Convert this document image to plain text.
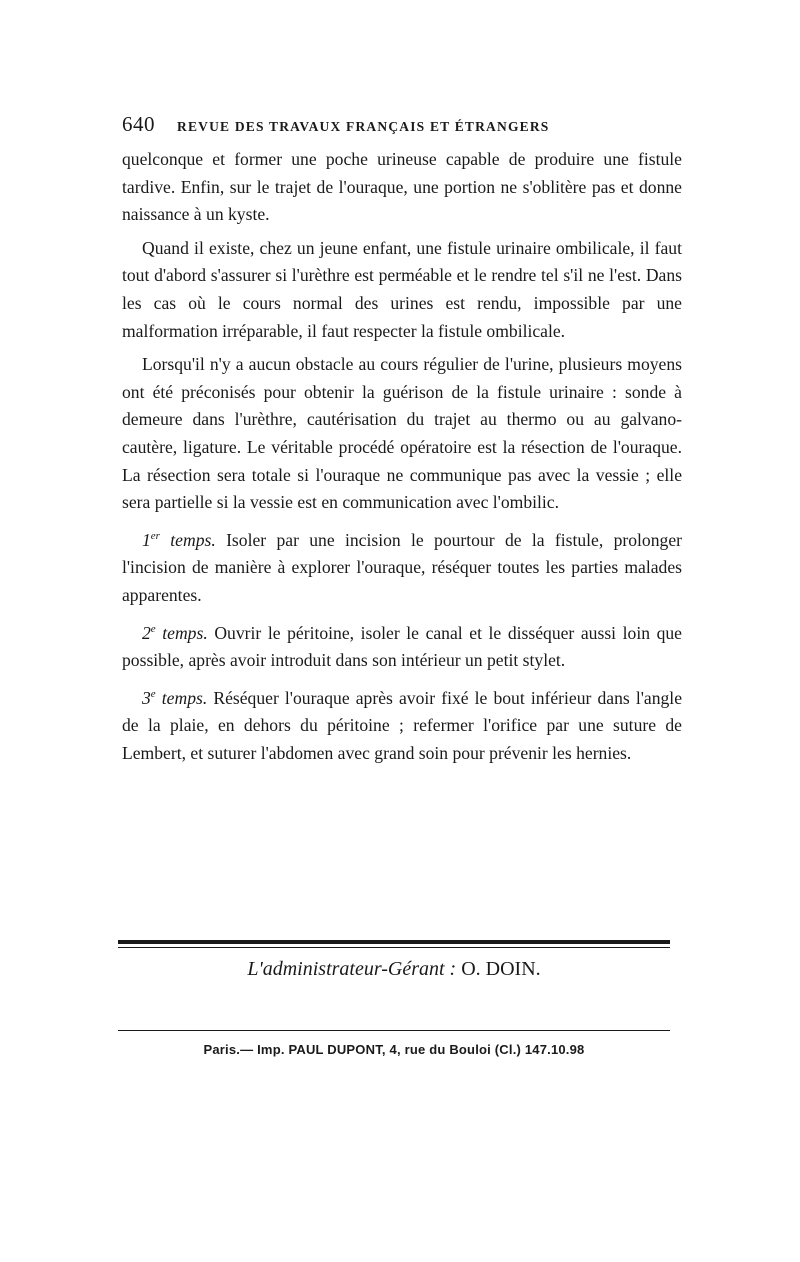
640 REVUE DES TRAVAUX FRANÇAIS ET ÉTRANGERS

quelconque et former une poche urineuse capable de produire une fistule tardive. Enfin, sur le trajet de l'ouraque, une portion ne s'oblitère pas et donne naissance à un kyste.

Quand il existe, chez un jeune enfant, une fistule urinaire ombilicale, il faut tout d'abord s'assurer si l'urèthre est perméable et le rendre tel s'il ne l'est. Dans les cas où le cours normal des urines est rendu, impossible par une malformation irréparable, il faut respecter la fistule ombilicale.

Lorsqu'il n'y a aucun obstacle au cours régulier de l'urine, plusieurs moyens ont été préconisés pour obtenir la guérison de la fistule urinaire : sonde à demeure dans l'urèthre, cautérisation du trajet au thermo ou au galvano-cautère, ligature. Le véritable procédé opératoire est la résection de l'ouraque. La résection sera totale si l'ouraque ne communique pas avec la vessie ; elle sera partielle si la vessie est en communication avec l'ombilic.

1er temps. Isoler par une incision le pourtour de la fistule, prolonger l'incision de manière à explorer l'ouraque, réséquer toutes les parties malades apparentes.

2e temps. Ouvrir le péritoine, isoler le canal et le disséquer aussi loin que possible, après avoir introduit dans son intérieur un petit stylet.

3e temps. Réséquer l'ouraque après avoir fixé le bout inférieur dans l'angle de la plaie, en dehors du péritoine ; refermer l'orifice par une suture de Lembert, et suturer l'abdomen avec grand soin pour prévenir les hernies.

L'administrateur-Gérant : O. DOIN.
Paris.— Imp. PAUL DUPONT, 4, rue du Bouloi (Cl.) 147.10.98
